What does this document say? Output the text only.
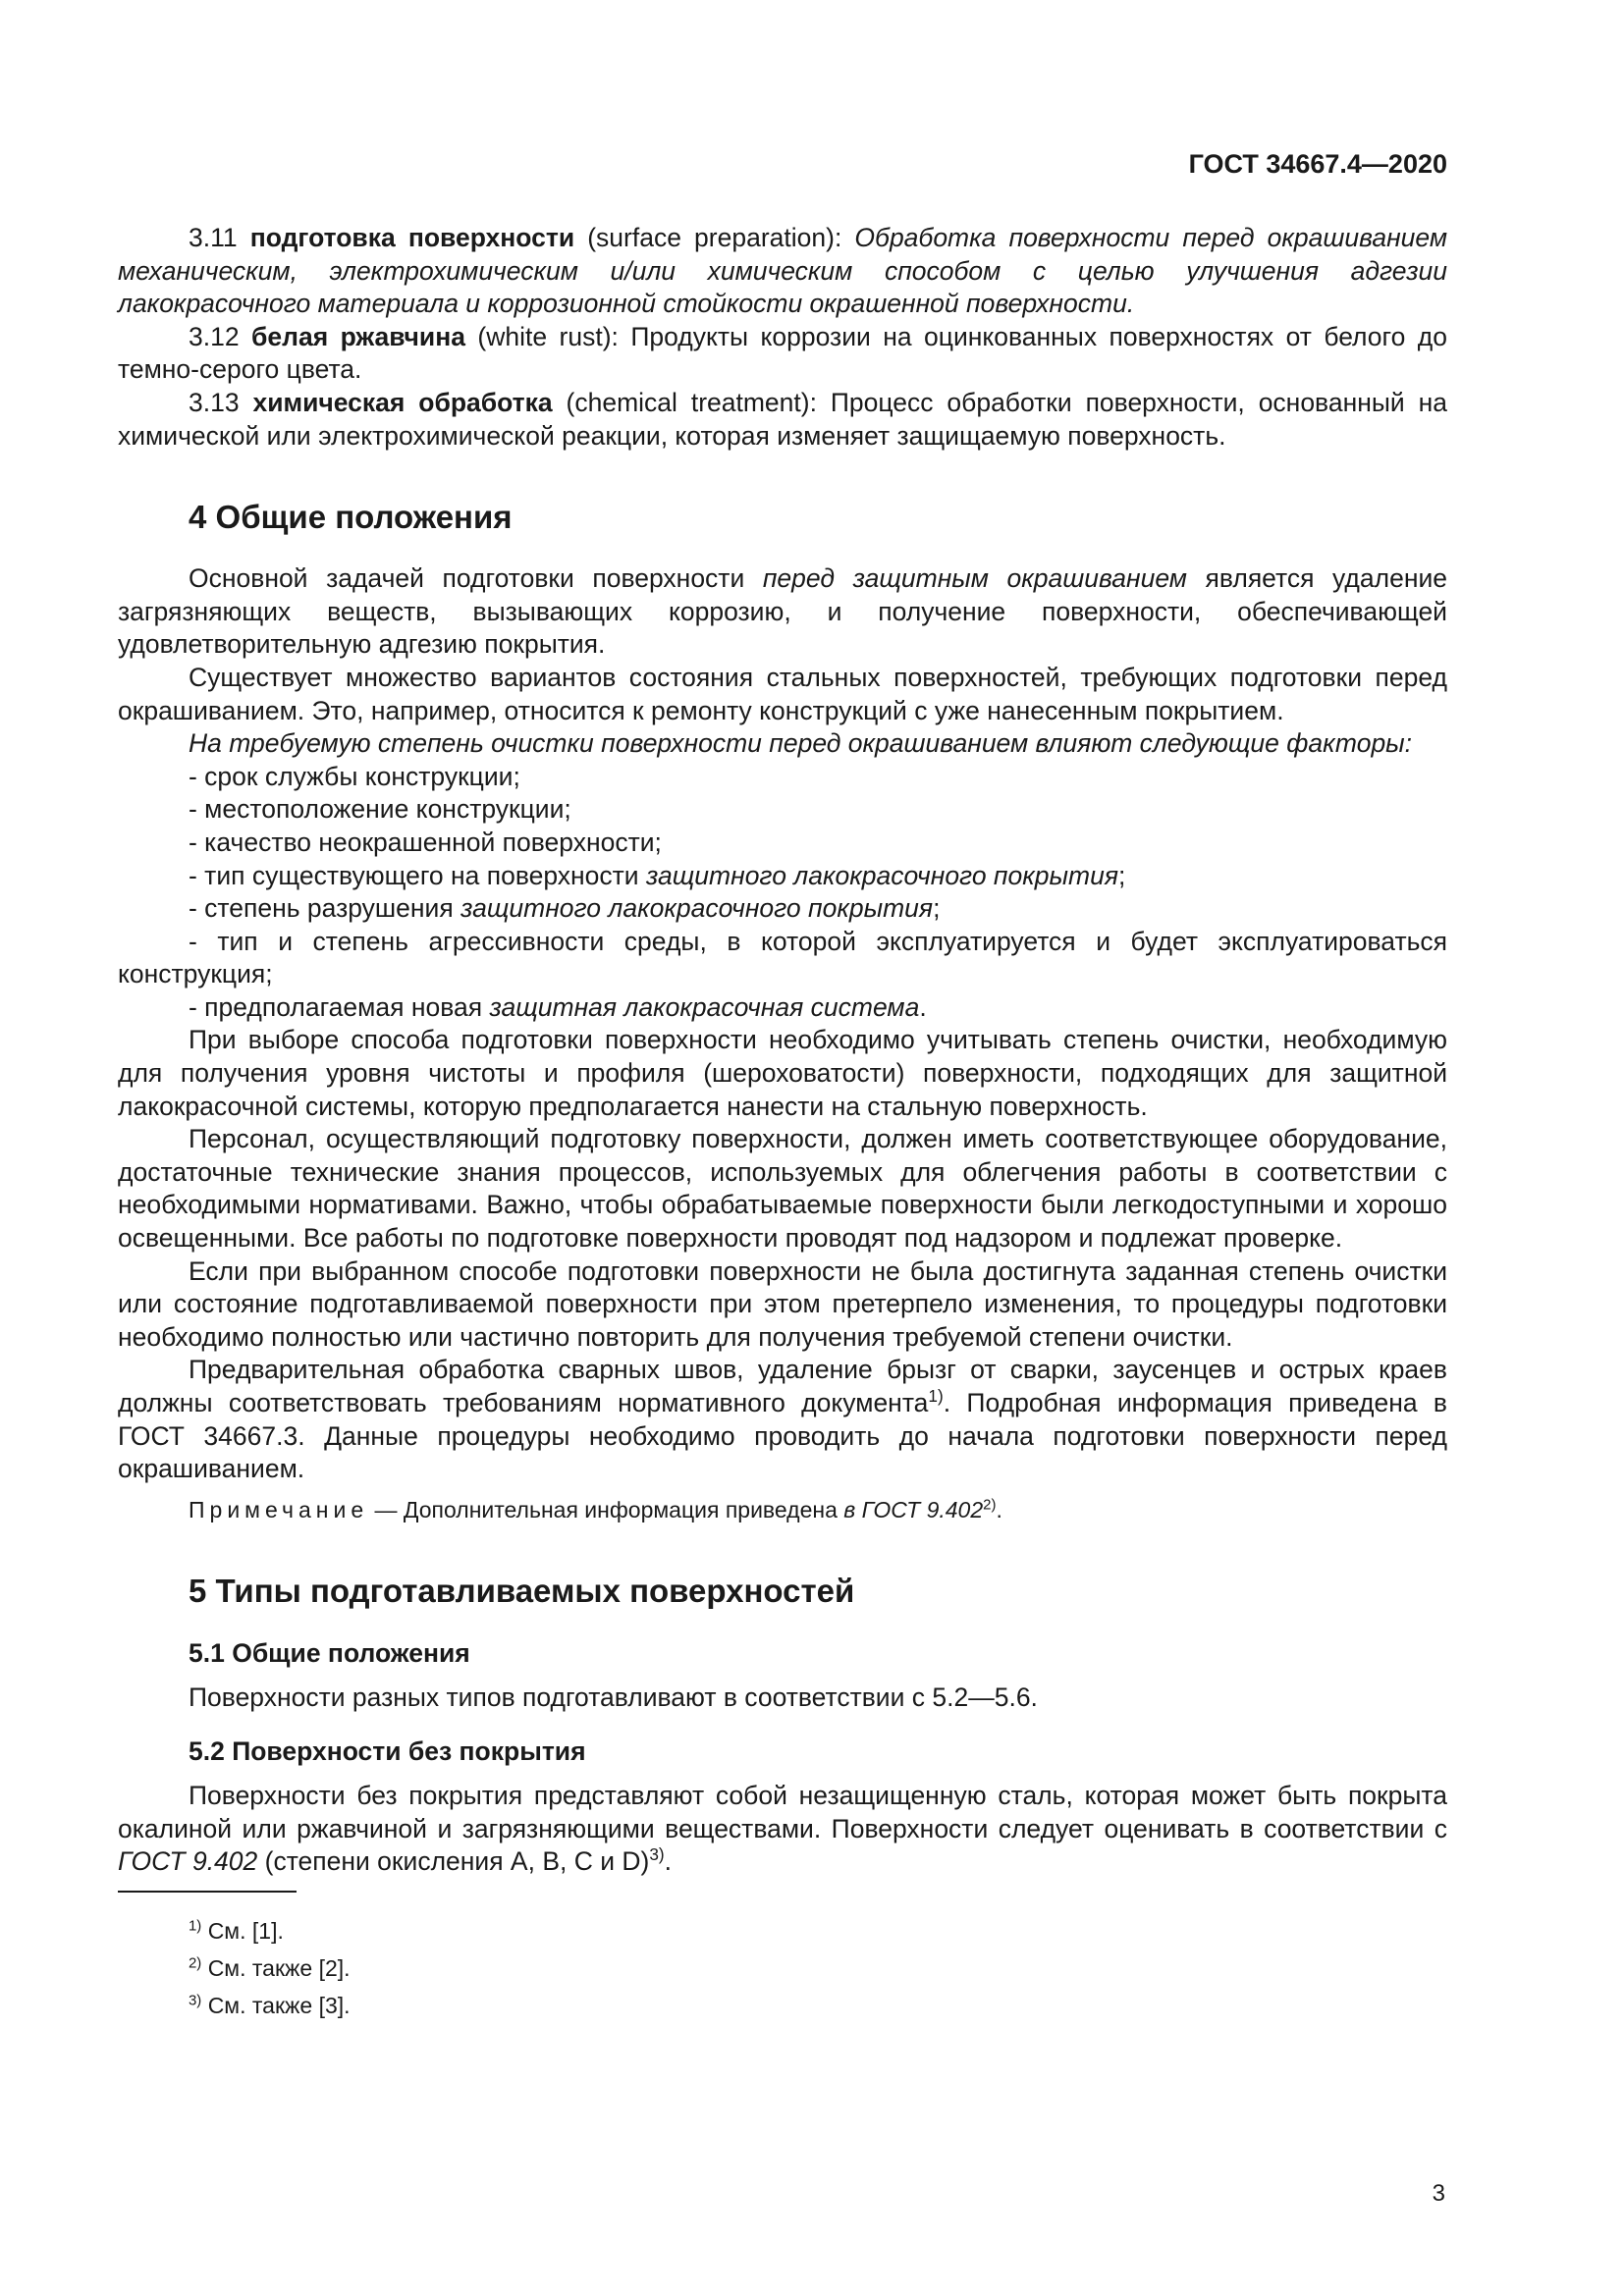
ГОСТ 34667.4—2020

3.11 подготовка поверхности (surface preparation): Обработка поверхности перед окрашиванием механическим, электрохимическим и/или химическим способом с целью улучшения адгезии лакокрасочного материала и коррозионной стойкости окрашенной поверхности.

3.12 белая ржавчина (white rust): Продукты коррозии на оцинкованных поверхностях от белого до темно-серого цвета.

3.13 химическая обработка (chemical treatment): Процесс обработки поверхности, основанный на химической или электрохимической реакции, которая изменяет защищаемую поверхность.

4 Общие положения

Основной задачей подготовки поверхности перед защитным окрашиванием является удаление загрязняющих веществ, вызывающих коррозию, и получение поверхности, обеспечивающей удовлетворительную адгезию покрытия.

Существует множество вариантов состояния стальных поверхностей, требующих подготовки перед окрашиванием. Это, например, относится к ремонту конструкций с уже нанесенным покрытием.

На требуемую степень очистки поверхности перед окрашиванием влияют следующие факторы:

- срок службы конструкции;

- местоположение конструкции;

- качество неокрашенной поверхности;

- тип существующего на поверхности защитного лакокрасочного покрытия;

- степень разрушения защитного лакокрасочного покрытия;

- тип и степень агрессивности среды, в которой эксплуатируется и будет эксплуатироваться конструкция;

- предполагаемая новая защитная лакокрасочная система.

При выборе способа подготовки поверхности необходимо учитывать степень очистки, необходимую для получения уровня чистоты и профиля (шероховатости) поверхности, подходящих для защитной лакокрасочной системы, которую предполагается нанести на стальную поверхность.

Персонал, осуществляющий подготовку поверхности, должен иметь соответствующее оборудование, достаточные технические знания процессов, используемых для облегчения работы в соответствии с необходимыми нормативами. Важно, чтобы обрабатываемые поверхности были легкодоступными и хорошо освещенными. Все работы по подготовке поверхности проводят под надзором и подлежат проверке.

Если при выбранном способе подготовки поверхности не была достигнута заданная степень очистки или состояние подготавливаемой поверхности при этом претерпело изменения, то процедуры подготовки необходимо полностью или частично повторить для получения требуемой степени очистки.

Предварительная обработка сварных швов, удаление брызг от сварки, заусенцев и острых краев должны соответствовать требованиям нормативного документа$^{1)}$. Подробная информация приведена в ГОСТ 34667.3. Данные процедуры необходимо проводить до начала подготовки поверхности перед окрашиванием.

Примечание — Дополнительная информация приведена в ГОСТ 9.402$^{2)}$.

5 Типы подготавливаемых поверхностей
5.1 Общие положения

Поверхности разных типов подготавливают в соответствии с 5.2—5.6.

5.2 Поверхности без покрытия

Поверхности без покрытия представляют собой незащищенную сталь, которая может быть покрыта окалиной или ржавчиной и загрязняющими веществами. Поверхности следует оценивать в соответствии с ГОСТ 9.402 (степени окисления A, B, C и D)$^{3)}$.

$^{1)}$ См. [1].
$^{2)}$ См. также [2].
$^{3)}$ См. также [3].
3
